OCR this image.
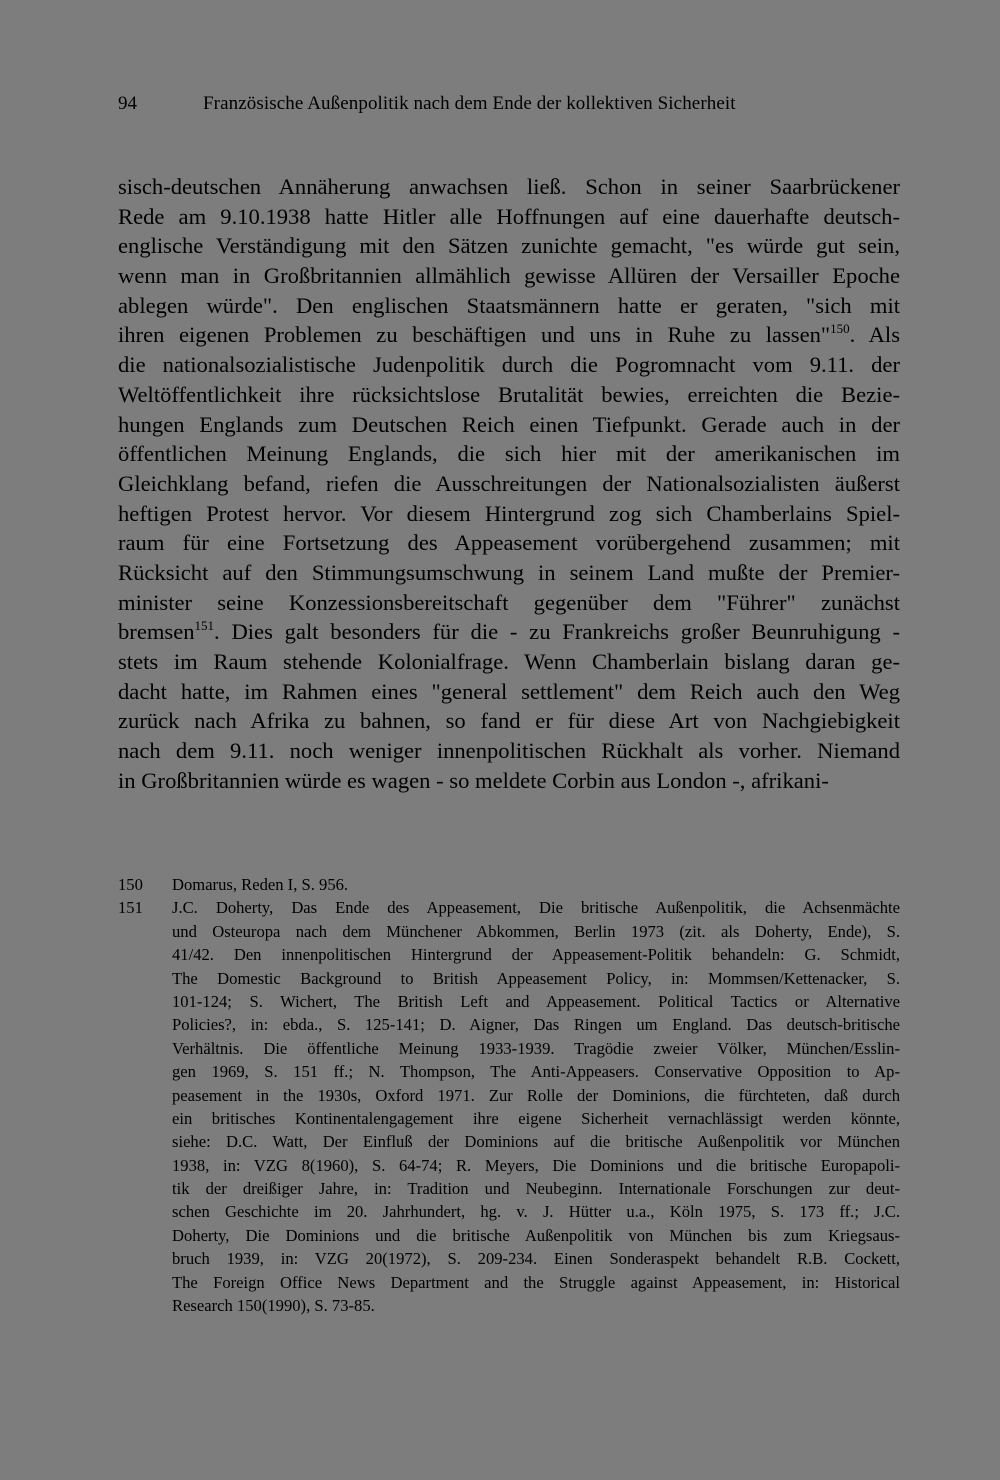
94	Französische Außenpolitik nach dem Ende der kollektiven Sicherheit
sisch-deutschen Annäherung anwachsen ließ. Schon in seiner Saarbrückener
Rede am 9.10.1938 hatte Hitler alle Hoffnungen auf eine dauerhafte deutsch-
englische Verständigung mit den Sätzen zunichte gemacht, "es würde gut sein,
wenn man in Großbritannien allmählich gewisse Allüren der Versailler Epoche
ablegen würde". Den englischen Staatsmännern hatte er geraten, "sich mit
ihren eigenen Problemen zu beschäftigen und uns in Ruhe zu lassen"$^{150}$. Als
die nationalsozialistische Judenpolitik durch die Pogromnacht vom 9.11. der
Weltöffentlichkeit ihre rücksichtslose Brutalität bewies, erreichten die Bezie-
hungen Englands zum Deutschen Reich einen Tiefpunkt. Gerade auch in der
öffentlichen Meinung Englands, die sich hier mit der amerikanischen im
Gleichklang befand, riefen die Ausschreitungen der Nationalsozialisten äußerst
heftigen Protest hervor. Vor diesem Hintergrund zog sich Chamberlains Spiel-
raum für eine Fortsetzung des Appeasement vorübergehend zusammen; mit
Rücksicht auf den Stimmungsumschwung in seinem Land mußte der Premier-
minister seine Konzessionsbereitschaft gegenüber dem "Führer" zunächst
bremsen$^{151}$. Dies galt besonders für die - zu Frankreichs großer Beunruhigung -
stets im Raum stehende Kolonialfrage. Wenn Chamberlain bislang daran ge-
dacht hatte, im Rahmen eines "general settlement" dem Reich auch den Weg
zurück nach Afrika zu bahnen, so fand er für diese Art von Nachgiebigkeit
nach dem 9.11. noch weniger innenpolitischen Rückhalt als vorher. Niemand
in Großbritannien würde es wagen - so meldete Corbin aus London -, afrikani-
150	Domarus, Reden I, S. 956.
151	J.C. Doherty, Das Ende des Appeasement, Die britische Außenpolitik, die Achsenmächte
und Osteuropa nach dem Münchener Abkommen, Berlin 1973 (zit. als Doherty, Ende), S.
41/42. Den innenpolitischen Hintergrund der Appeasement-Politik behandeln: G. Schmidt,
The Domestic Background to British Appeasement Policy, in: Mommsen/Kettenacker, S.
101-124; S. Wichert, The British Left and Appeasement. Political Tactics or Alternative
Policies?, in: ebda., S. 125-141; D. Aigner, Das Ringen um England. Das deutsch-britische
Verhältnis. Die öffentliche Meinung 1933-1939. Tragödie zweier Völker, München/Esslin-
gen 1969, S. 151 ff.; N. Thompson, The Anti-Appeasers. Conservative Opposition to Ap-
peasement in the 1930s, Oxford 1971. Zur Rolle der Dominions, die fürchteten, daß durch
ein britisches Kontinentalengagement ihre eigene Sicherheit vernachlässigt werden könnte,
siehe: D.C. Watt, Der Einfluß der Dominions auf die britische Außenpolitik vor München
1938, in: VZG 8(1960), S. 64-74; R. Meyers, Die Dominions und die britische Europapoli-
tik der dreißiger Jahre, in: Tradition und Neubeginn. Internationale Forschungen zur deut-
schen Geschichte im 20. Jahrhundert, hg. v. J. Hütter u.a., Köln 1975, S. 173 ff.; J.C.
Doherty, Die Dominions und die britische Außenpolitik von München bis zum Kriegsaus-
bruch 1939, in: VZG 20(1972), S. 209-234. Einen Sonderaspekt behandelt R.B. Cockett,
The Foreign Office News Department and the Struggle against Appeasement, in: Historical
Research 150(1990), S. 73-85.
